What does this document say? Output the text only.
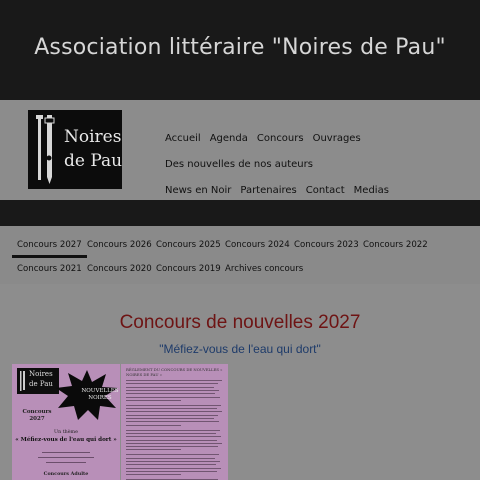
Association littéraire "Noires de Pau"
Noires
de Pau
Accueil Agenda Concours OuvragesDes nouvelles de nos auteurs
News en Noir Partenaires Contact Medias
Concours 2027 Concours 2026 Concours 2025 Concours 2024 Concours 2023 Concours 2022
Concours 2021 Concours 2020 Concours 2019 Archives concours
Concours de nouvelles 2027
"Méfiez-vous de l'eau qui dort"
Noires
de Pau
NOUVELLES
NOIRES
Concours
2027
Un thème
« Méfiez-vous de l'eau qui dort »
Concours Adulte
RÈGLEMENT DU CONCOURS DE NOUVELLES « NOIRES DE PAU »
